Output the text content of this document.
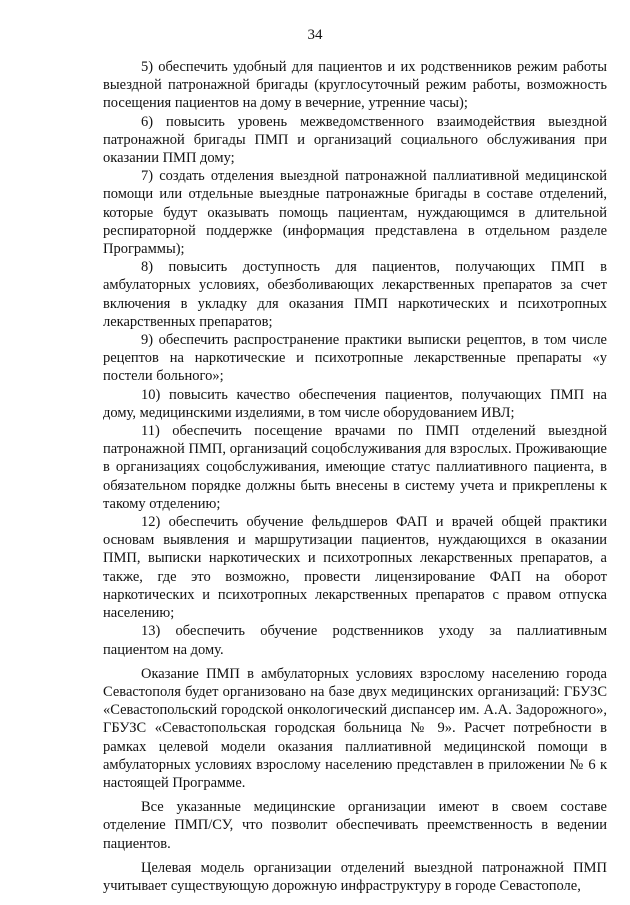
34

5) обеспечить удобный для пациентов и их родственников режим работы выездной патронажной бригады (круглосуточный режим работы, возможность посещения пациентов на дому в вечерние, утренние часы);

6) повысить уровень межведомственного взаимодействия выездной патронажной бригады ПМП и организаций социального обслуживания при оказании ПМП дому;

7) создать отделения выездной патронажной паллиативной медицинской помощи или отдельные выездные патронажные бригады в составе отделений, которые будут оказывать помощь пациентам, нуждающимся в длительной респираторной поддержке (информация представлена в отдельном разделе Программы);

8) повысить доступность для пациентов, получающих ПМП в амбулаторных условиях, обезболивающих лекарственных препаратов за счет включения в укладку для оказания ПМП наркотических и психотропных лекарственных препаратов;

9) обеспечить распространение практики выписки рецептов, в том числе рецептов на наркотические и психотропные лекарственные препараты «у постели больного»;

10) повысить качество обеспечения пациентов, получающих ПМП на дому, медицинскими изделиями, в том числе оборудованием ИВЛ;

11) обеспечить посещение врачами по ПМП отделений выездной патронажной ПМП, организаций соцобслуживания для взрослых. Проживающие в организациях соцобслуживания, имеющие статус паллиативного пациента, в обязательном порядке должны быть внесены в систему учета и прикреплены к такому отделению;

12) обеспечить обучение фельдшеров ФАП и врачей общей практики основам выявления и маршрутизации пациентов, нуждающихся в оказании ПМП, выписки наркотических и психотропных лекарственных препаратов, а также, где это возможно, провести лицензирование ФАП на оборот наркотических и психотропных лекарственных препаратов с правом отпуска населению;

13) обеспечить обучение родственников уходу за паллиативным пациентом на дому.

Оказание ПМП в амбулаторных условиях взрослому населению города Севастополя будет организовано на базе двух медицинских организаций: ГБУЗС «Севастопольский городской онкологический диспансер им. А.А. Задорожного», ГБУЗС «Севастопольская городская больница № 9». Расчет потребности в рамках целевой модели оказания паллиативной медицинской помощи в амбулаторных условиях взрослому населению представлен в приложении № 6 к настоящей Программе.

Все указанные медицинские организации имеют в своем составе отделение ПМП/СУ, что позволит обеспечивать преемственность в ведении пациентов.

Целевая модель организации отделений выездной патронажной ПМП учитывает существующую дорожную инфраструктуру в городе Севастополе,
